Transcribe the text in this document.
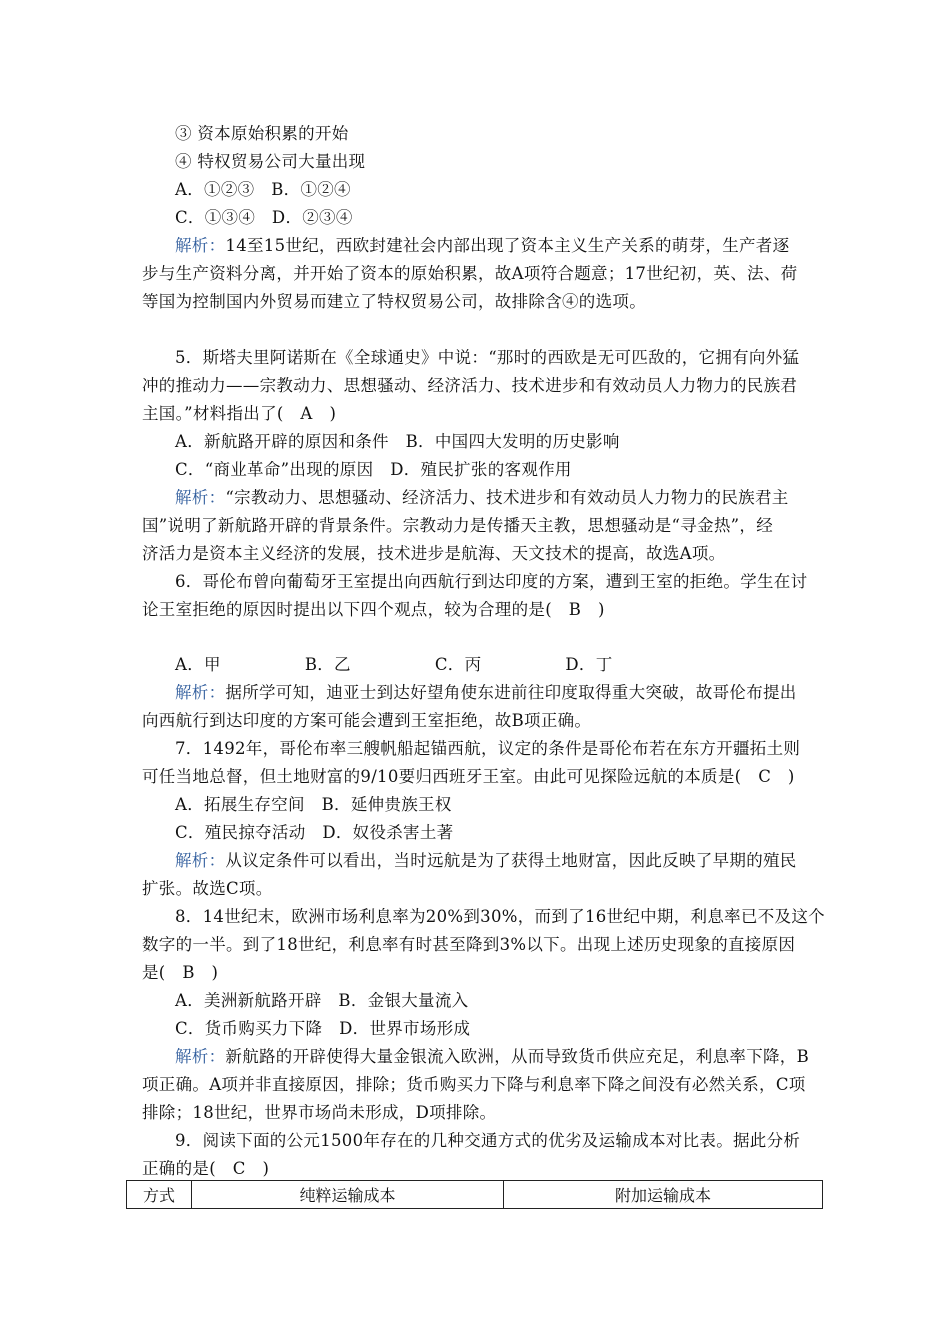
③ 资本原始积累的开始
④ 特权贸易公司大量出现
A．①②③　B．①②④
C．①③④　D．②③④
解析：14至15世纪，西欧封建社会内部出现了资本主义生产关系的萌芽，生产者逐
步与生产资料分离，并开始了资本的原始积累，故A项符合题意；17世纪初，英、法、荷
等国为控制国内外贸易而建立了特权贸易公司，故排除含④的选项。
5．斯塔夫里阿诺斯在《全球通史》中说：“那时的西欧是无可匹敌的，它拥有向外猛
冲的推动力——宗教动力、思想骚动、经济活力、技术进步和有效动员人力物力的民族君
主国。”材料指出了(　A　)
A．新航路开辟的原因和条件　B．中国四大发明的历史影响
C．“商业革命”出现的原因　D．殖民扩张的客观作用
解析：“宗教动力、思想骚动、经济活力、技术进步和有效动员人力物力的民族君主
国”说明了新航路开辟的背景条件。宗教动力是传播天主教，思想骚动是“寻金热”，经
济活力是资本主义经济的发展，技术进步是航海、天文技术的提高，故选A项。
6．哥伦布曾向葡萄牙王室提出向西航行到达印度的方案，遭到王室的拒绝。学生在讨
论王室拒绝的原因时提出以下四个观点，较为合理的是(　B　)
A．甲　　　　　B．乙　　　　　C．丙　　　　　D．丁
解析：据所学可知，迪亚士到达好望角使东进前往印度取得重大突破，故哥伦布提出
向西航行到达印度的方案可能会遭到王室拒绝，故B项正确。
7．1492年，哥伦布率三艘帆船起锚西航，议定的条件是哥伦布若在东方开疆拓土则
可任当地总督，但土地财富的9/10要归西班牙王室。由此可见探险远航的本质是(　C　)
A．拓展生存空间　B．延伸贵族王权
C．殖民掠夺活动　D．奴役杀害土著
解析：从议定条件可以看出，当时远航是为了获得土地财富，因此反映了早期的殖民
扩张。故选C项。
8．14世纪末，欧洲市场利息率为20%到30%，而到了16世纪中期，利息率已不及这个
数字的一半。到了18世纪，利息率有时甚至降到3%以下。出现上述历史现象的直接原因
是(　B　)
A．美洲新航路开辟　B．金银大量流入
C．货币购买力下降　D．世界市场形成
解析：新航路的开辟使得大量金银流入欧洲，从而导致货币供应充足，利息率下降，B
项正确。A项并非直接原因，排除；货币购买力下降与利息率下降之间没有必然关系，C项
排除；18世纪，世界市场尚未形成，D项排除。
9．阅读下面的公元1500年存在的几种交通方式的优劣及运输成本对比表。据此分析
正确的是(　C　)
方式	纯粹运输成本	附加运输成本
